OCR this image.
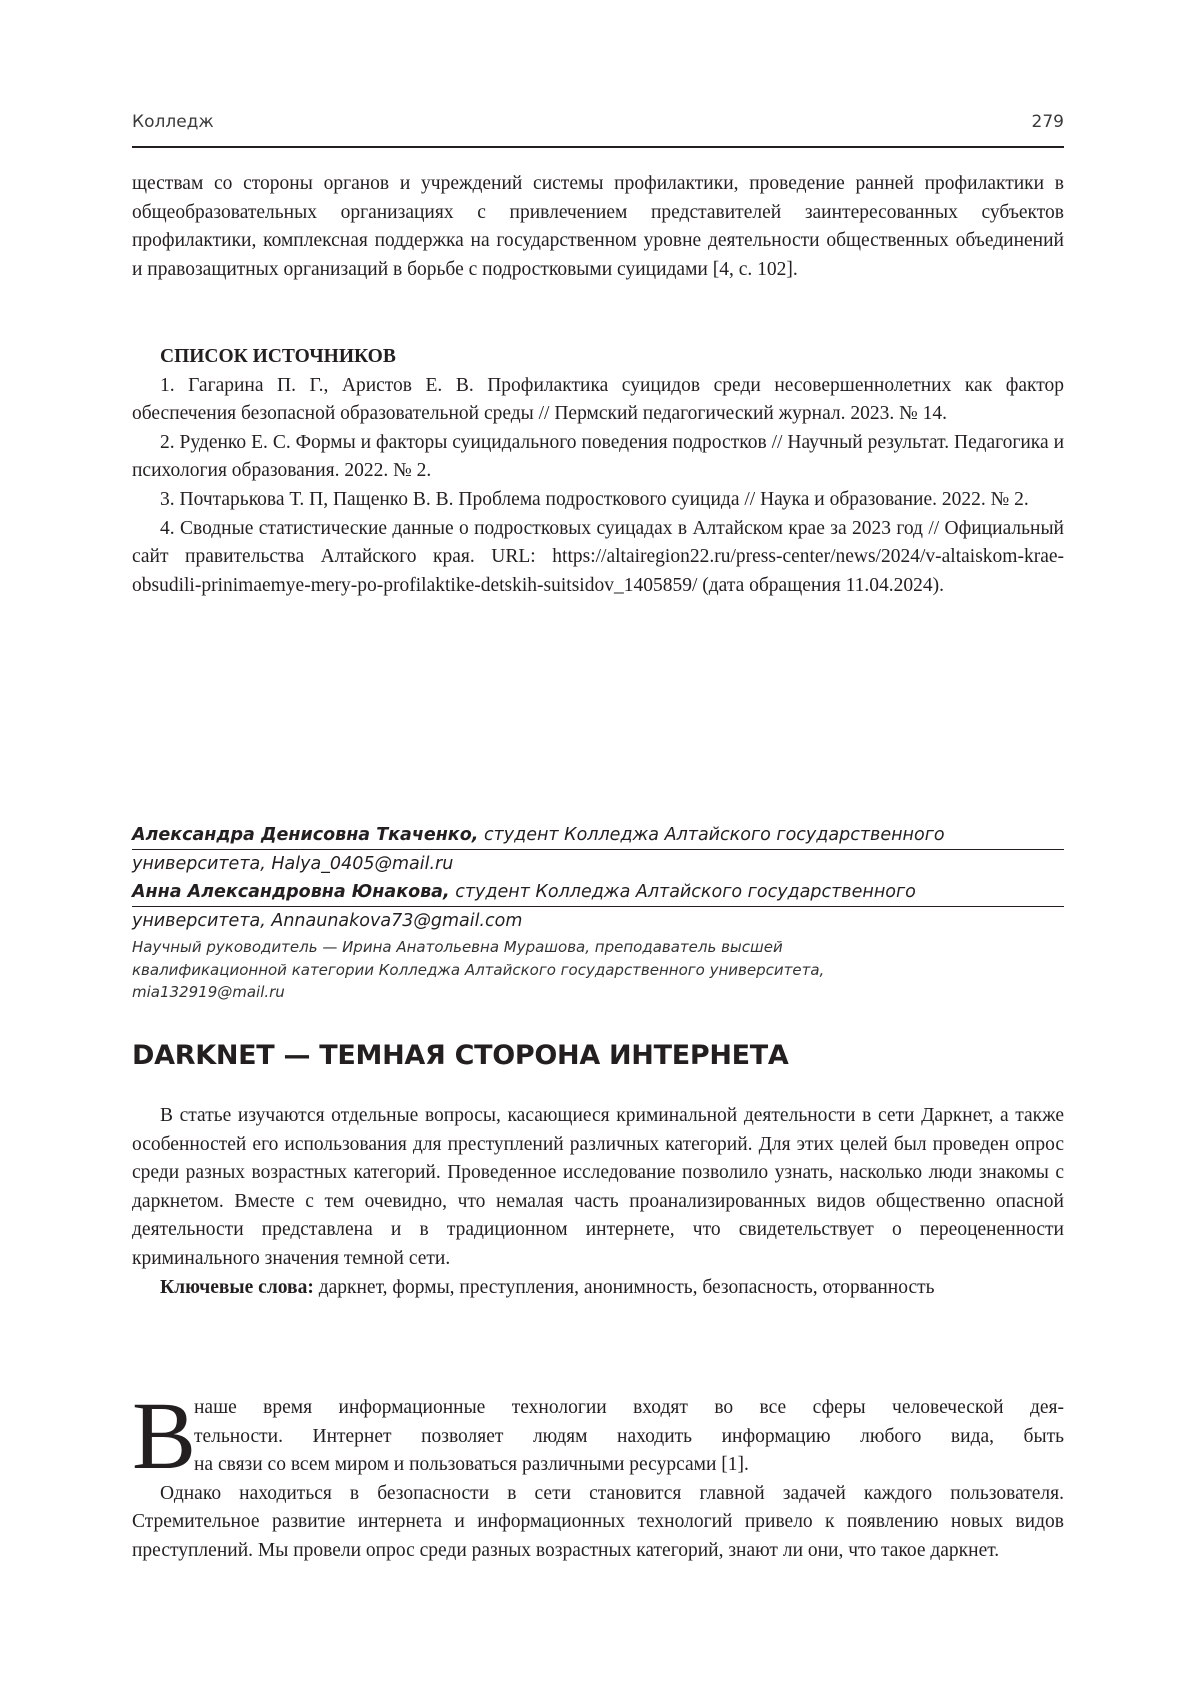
Колледж	279

ществам со стороны органов и учреждений системы профилактики, проведение ранней профилактики в общеобразовательных организациях с привлечением представителей заинтересованных субъектов профилактики, комплексная поддержка на государственном уровне деятельности общественных объединений и правозащитных организаций в борьбе с подростковыми суицидами [4, с. 102].

СПИСОК ИСТОЧНИКОВ

1. Гагарина П. Г., Аристов Е. В. Профилактика суицидов среди несовершеннолетних как фактор обеспечения безопасной образовательной среды // Пермский педагогический журнал. 2023. № 14.

2. Руденко Е. С. Формы и факторы суицидального поведения подростков // Научный результат. Педагогика и психология образования. 2022. № 2.

3. Почтарькова Т. П, Пащенко В. В. Проблема подросткового суицида // Наука и образование. 2022. № 2.

4. Сводные статистические данные о подростковых суицадах в Алтайском крае за 2023 год // Официальный сайт правительства Алтайского края. URL: https://altairegion22.ru/press-center/news/2024/v-altaiskom-krae-obsudili-prinimaemye-mery-po-profilaktike-detskih-suitsidov_1405859/ (дата обращения 11.04.2024).

Александра Денисовна Ткаченко, студент Колледжа Алтайского государственного
университета, Halya_0405@mail.ru
Анна Александровна Юнакова, студент Колледжа Алтайского государственного
университета, Annaunakova73@gmail.com
Научный руководитель — Ирина Анатольевна Мурашова, преподаватель высшей
квалификационной категории Колледжа Алтайского государственного университета,
mia132919@mail.ru
DARKNET — ТЕМНАЯ СТОРОНА ИНТЕРНЕТА

В статье изучаются отдельные вопросы, касающиеся криминальной деятельности в сети Даркнет, а также особенностей его использования для преступлений различных категорий. Для этих целей был проведен опрос среди разных возрастных категорий. Проведенное исследование позволило узнать, насколько люди знакомы с даркнетом. Вместе с тем очевидно, что немалая часть проанализированных видов общественно опасной деятельности представлена и в традиционном интернете, что свидетельствует о переоцененности криминального значения темной сети.

Ключевые слова: даркнет, формы, преступления, анонимность, безопасность, оторванность

В
наше время информационные технологии входят во все сферы человеческой дея-
тельности. Интернет позволяет людям находить информацию любого вида, быть
на связи со всем миром и пользоваться различными ресурсами [1].

Однако находиться в безопасности в сети становится главной задачей каждого пользователя. Стремительное развитие интернета и информационных технологий привело к появлению новых видов преступлений. Мы провели опрос среди разных возрастных категорий, знают ли они, что такое даркнет.
